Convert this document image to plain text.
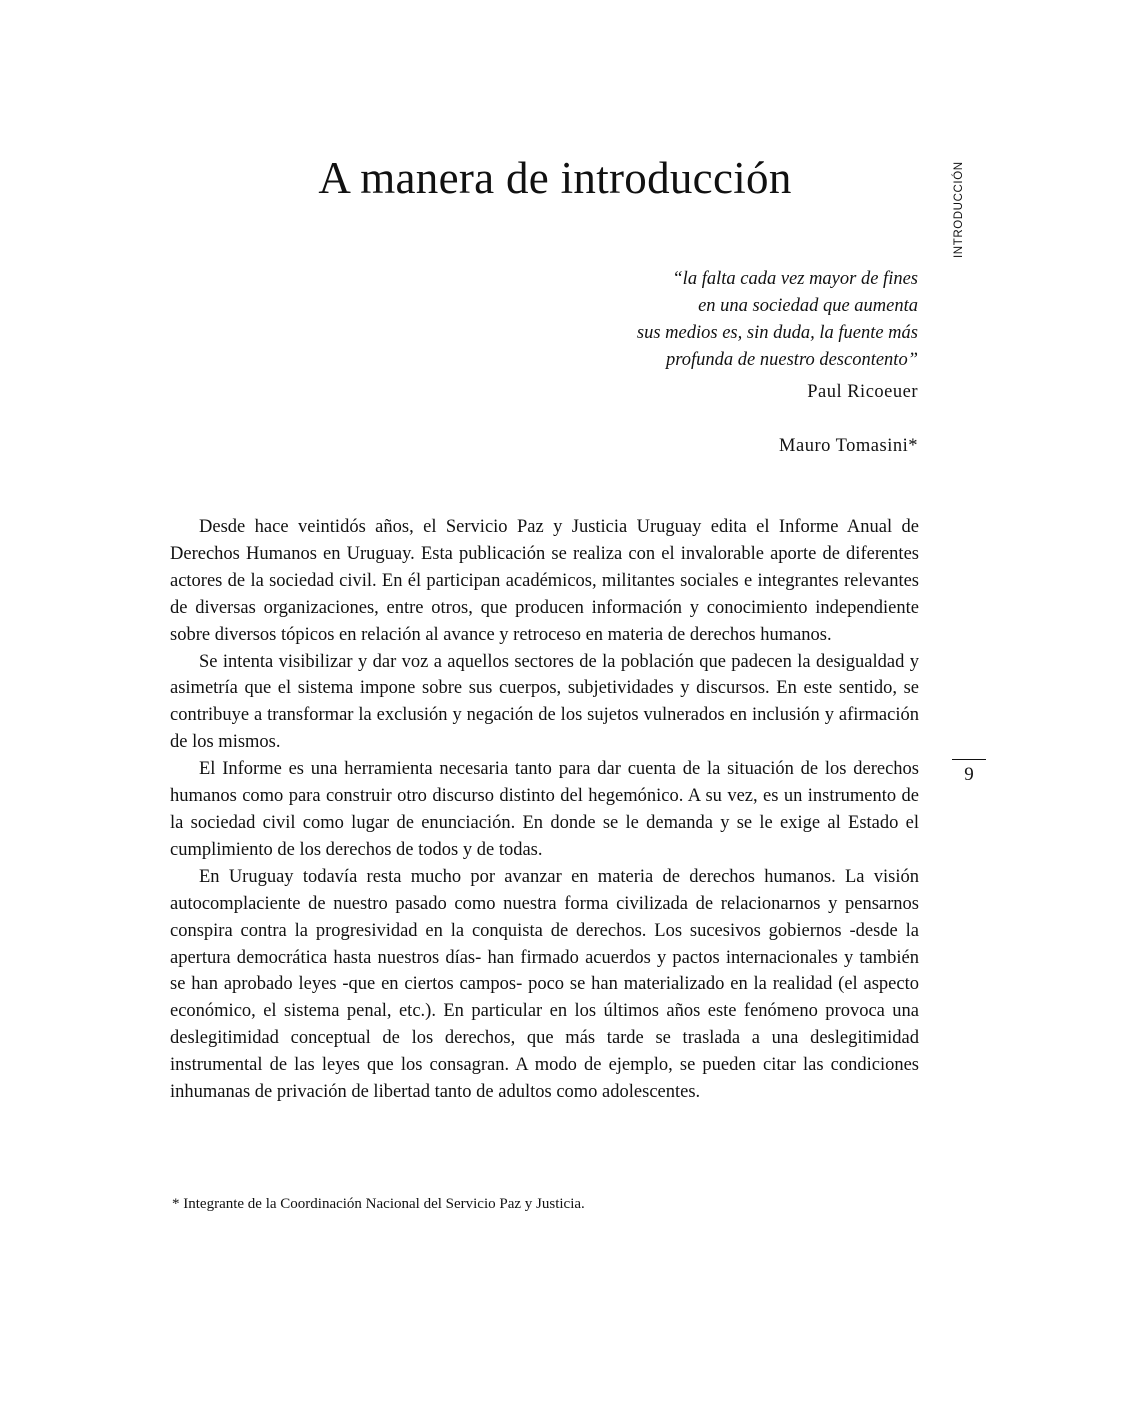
A manera de introducción	INTRODUCCIÓN
“la falta cada vez mayor de fines
en una sociedad que aumenta
sus medios es, sin duda, la fuente más
profunda de nuestro descontento”
Paul Ricoeuer
Mauro Tomasini*

Desde hace veintidós años, el Servicio Paz y Justicia Uruguay edita el Informe Anual de Derechos Humanos en Uruguay. Esta publicación se realiza con el invalorable aporte de diferentes actores de la sociedad civil. En él participan académicos, militantes sociales e integrantes relevantes de diversas organizaciones, entre otros, que producen información y conocimiento independiente sobre diversos tópicos en relación al avance y retroceso en materia de derechos humanos.

Se intenta visibilizar y dar voz a aquellos sectores de la población que padecen la desigualdad y asimetría que el sistema impone sobre sus cuerpos, subjetividades y discursos. En este sentido, se contribuye a transformar la exclusión y negación de los sujetos vulnerados en inclusión y afirmación de los mismos.

El Informe es una herramienta necesaria tanto para dar cuenta de la situación de los derechos humanos como para construir otro discurso distinto del hegemónico. A su vez, es un instrumento de la sociedad civil como lugar de enunciación. En donde se le demanda y se le exige al Estado el cumplimiento de los derechos de todos y de todas.

En Uruguay todavía resta mucho por avanzar en materia de derechos humanos. La visión autocomplaciente de nuestro pasado como nuestra forma civilizada de relacionarnos y pensarnos conspira contra la progresividad en la conquista de derechos. Los sucesivos gobiernos -desde la apertura democrática hasta nuestros días- han firmado acuerdos y pactos internacionales y también se han aprobado leyes -que en ciertos campos- poco se han materializado en la realidad (el aspecto económico, el sistema penal, etc.). En particular en los últimos años este fenómeno provoca una deslegitimidad conceptual de los derechos, que más tarde se traslada a una deslegitimidad instrumental de las leyes que los consagran. A modo de ejemplo, se pueden citar las condiciones inhumanas de privación de libertad tanto de adultos como adolescentes.

9
* Integrante de la Coordinación Nacional del Servicio Paz y Justicia.
